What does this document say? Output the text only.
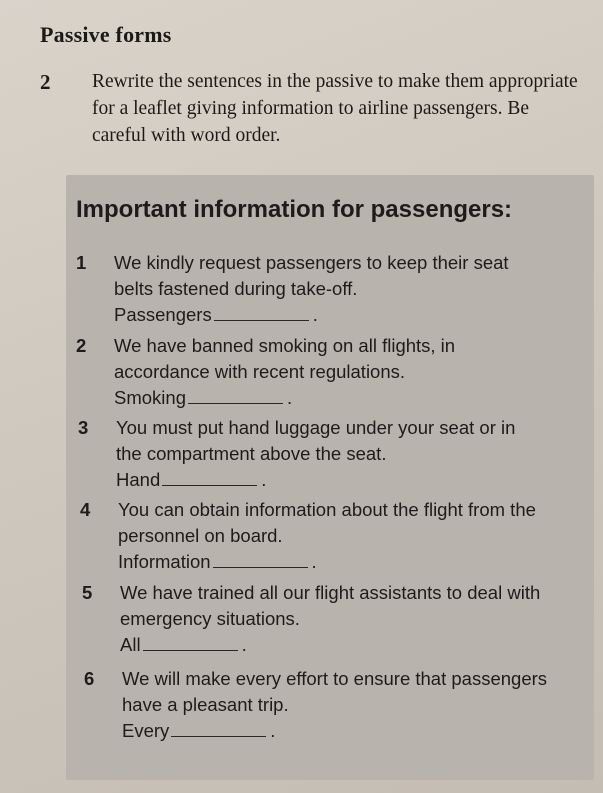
Passive forms
2 Rewrite the sentences in the passive to make them appropriate for a leaflet giving information to airline passengers. Be careful with word order.
Important information for passengers:
1	We kindly request passengers to keep their seat belts fastened during take-off.
Passengers	.
2	We have banned smoking on all flights, in accordance with recent regulations.
Smoking	.
3	You must put hand luggage under your seat or in the compartment above the seat.
Hand	.
4	You can obtain information about the flight from the personnel on board.
Information	.
5	We have trained all our flight assistants to deal with emergency situations.
All	.
6	We will make every effort to ensure that passengers have a pleasant trip.
Every	.
